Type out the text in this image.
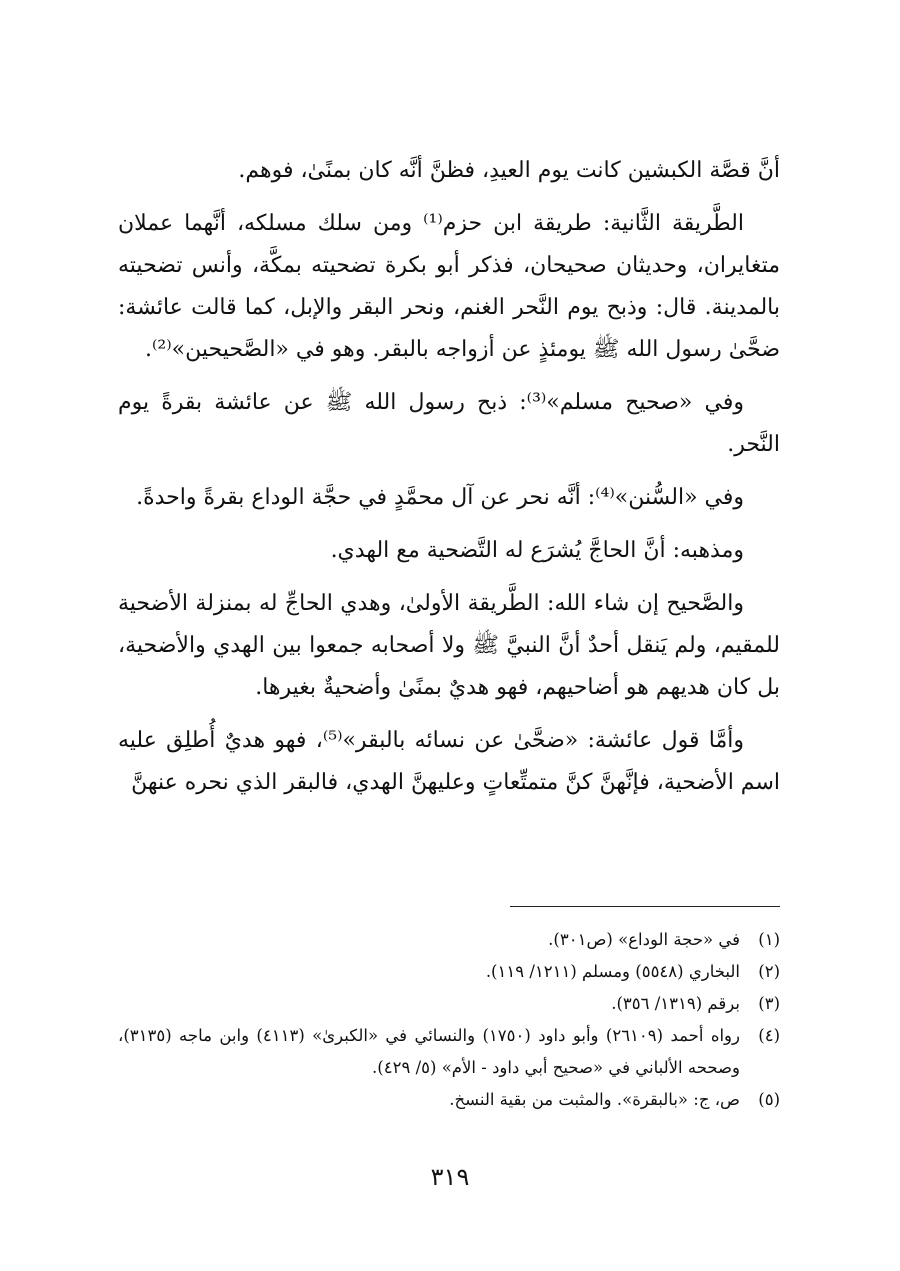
أنَّ قصَّة الكبشين كانت يوم العيدِ، فظنَّ أنَّه كان بمنًىٰ، فوهم.

الطَّريقة الثَّانية: طريقة ابن حزم⁽¹⁾ ومن سلك مسلكه، أنَّهما عملان متغايران، وحديثان صحيحان، فذكر أبو بكرة تضحيته بمكَّة، وأنس تضحيته بالمدينة. قال: وذبح يوم النَّحر الغنم، ونحر البقر والإبل، كما قالت عائشة: ضحَّىٰ رسول الله ﷺ يومئذٍ عن أزواجه بالبقر. وهو في «الصَّحيحين»⁽²⁾.

وفي «صحيح مسلم»⁽³⁾: ذبح رسول الله ﷺ عن عائشة بقرةً يوم النَّحر.

وفي «السُّنن»⁽⁴⁾: أنَّه نحر عن آل محمَّدٍ في حجَّة الوداع بقرةً واحدةً.

ومذهبه: أنَّ الحاجَّ يُشرَع له التَّضحية مع الهدي.

والصَّحيح إن شاء الله: الطَّريقة الأولىٰ، وهدي الحاجِّ له بمنزلة الأضحية للمقيم، ولم يَنقل أحدٌ أنَّ النبيَّ ﷺ ولا أصحابه جمعوا بين الهدي والأضحية، بل كان هديهم هو أضاحيهم، فهو هديٌ بمنًىٰ وأضحيةٌ بغيرها.

وأمَّا قول عائشة: «ضحَّىٰ عن نسائه بالبقر»⁽⁵⁾، فهو هديٌ أُطلِق عليه اسم الأضحية، فإنَّهنَّ كنَّ متمتِّعاتٍ وعليهنَّ الهدي، فالبقر الذي نحره عنهنَّ

(١)
في «حجة الوداع» (ص٣٠١).
(٢)
البخاري (٥٥٤٨) ومسلم (١٢١١/ ١١٩).
(٣)
برقم (١٣١٩/ ٣٥٦).
(٤)
رواه أحمد (٢٦١٠٩) وأبو داود (١٧٥٠) والنسائي في «الكبرىٰ» (٤١١٣) وابن ماجه (٣١٣٥)، وصححه الألباني في «صحيح أبي داود - الأم» (٥/ ٤٢٩).
(٥)
ص، ج: «بالبقرة». والمثبت من بقية النسخ.
٣١٩
